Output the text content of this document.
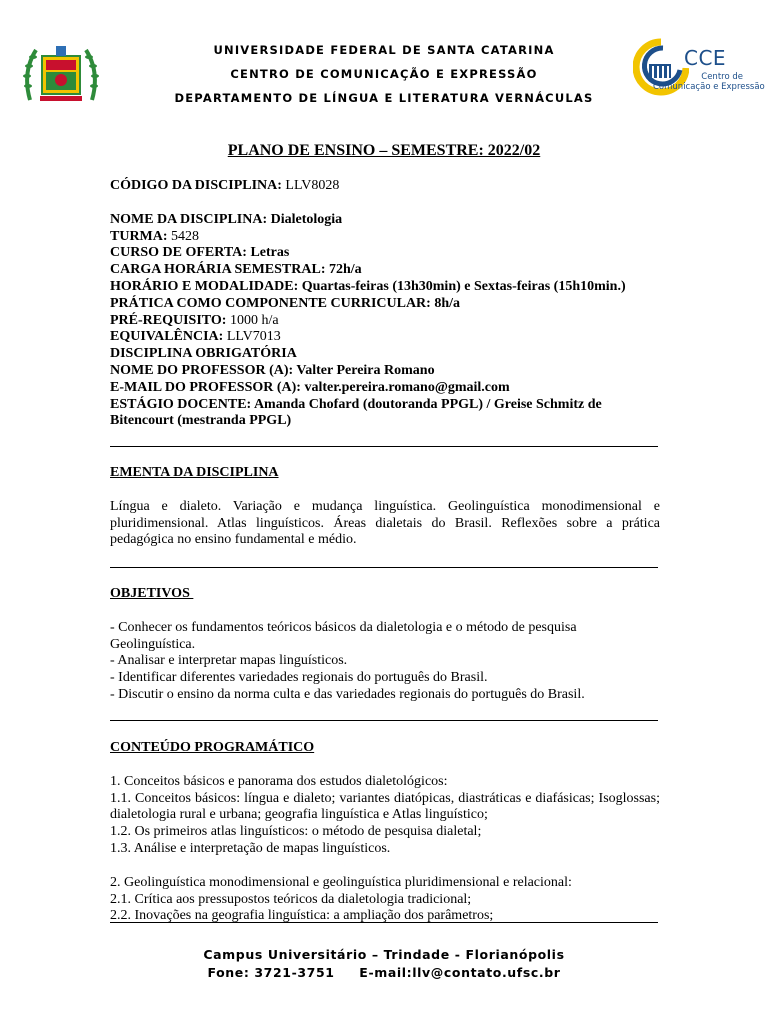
UNIVERSIDADE FEDERAL DE SANTA CATARINA
CENTRO DE COMUNICAÇÃO E EXPRESSÃO
DEPARTAMENTO DE LÍNGUA E LITERATURA VERNÁCULAS
CCE
Centro de
Comunicação e Expressão
PLANO DE ENSINO – SEMESTRE: 2022/02

CÓDIGO DA DISCIPLINA: LLV8028

NOME DA DISCIPLINA: Dialetologia

TURMA: 5428

CURSO DE OFERTA: Letras

CARGA HORÁRIA SEMESTRAL: 72h/a

HORÁRIO E MODALIDADE: Quartas-feiras (13h30min) e Sextas-feiras (15h10min.)

PRÁTICA COMO COMPONENTE CURRICULAR: 8h/a

PRÉ-REQUISITO: 1000 h/a

EQUIVALÊNCIA: LLV7013

DISCIPLINA OBRIGATÓRIA

NOME DO PROFESSOR (A): Valter Pereira Romano

E-MAIL DO PROFESSOR (A): valter.pereira.romano@gmail.com

ESTÁGIO DOCENTE: Amanda Chofard (doutoranda PPGL) / Greise Schmitz de Bitencourt (mestranda PPGL)

EMENTA DA DISCIPLINA

Língua e dialeto. Variação e mudança linguística. Geolinguística monodimensional e pluridimensional. Atlas linguísticos. Áreas dialetais do Brasil. Reflexões sobre a prática pedagógica no ensino fundamental e médio.

OBJETIVOS

- Conhecer os fundamentos teóricos básicos da dialetologia e o método de pesquisa Geolinguística.

- Analisar e interpretar mapas linguísticos.

- Identificar diferentes variedades regionais do português do Brasil.

- Discutir o ensino da norma culta e das variedades regionais do português do Brasil.

CONTEÚDO PROGRAMÁTICO

1. Conceitos básicos e panorama dos estudos dialetológicos:

1.1. Conceitos básicos: língua e dialeto; variantes diatópicas, diastráticas e diafásicas; Isoglossas; dialetologia rural e urbana; geografia linguística e Atlas linguístico;

1.2. Os primeiros atlas linguísticos: o método de pesquisa dialetal;

1.3. Análise e interpretação de mapas linguísticos.

2. Geolinguística monodimensional e geolinguística pluridimensional e relacional:

2.1. Crítica aos pressupostos teóricos da dialetologia tradicional;

2.2. Inovações na geografia linguística: a ampliação dos parâmetros;

Campus Universitário – Trindade - Florianópolis
Fone: 3721-3751     E-mail:llv@contato.ufsc.br
